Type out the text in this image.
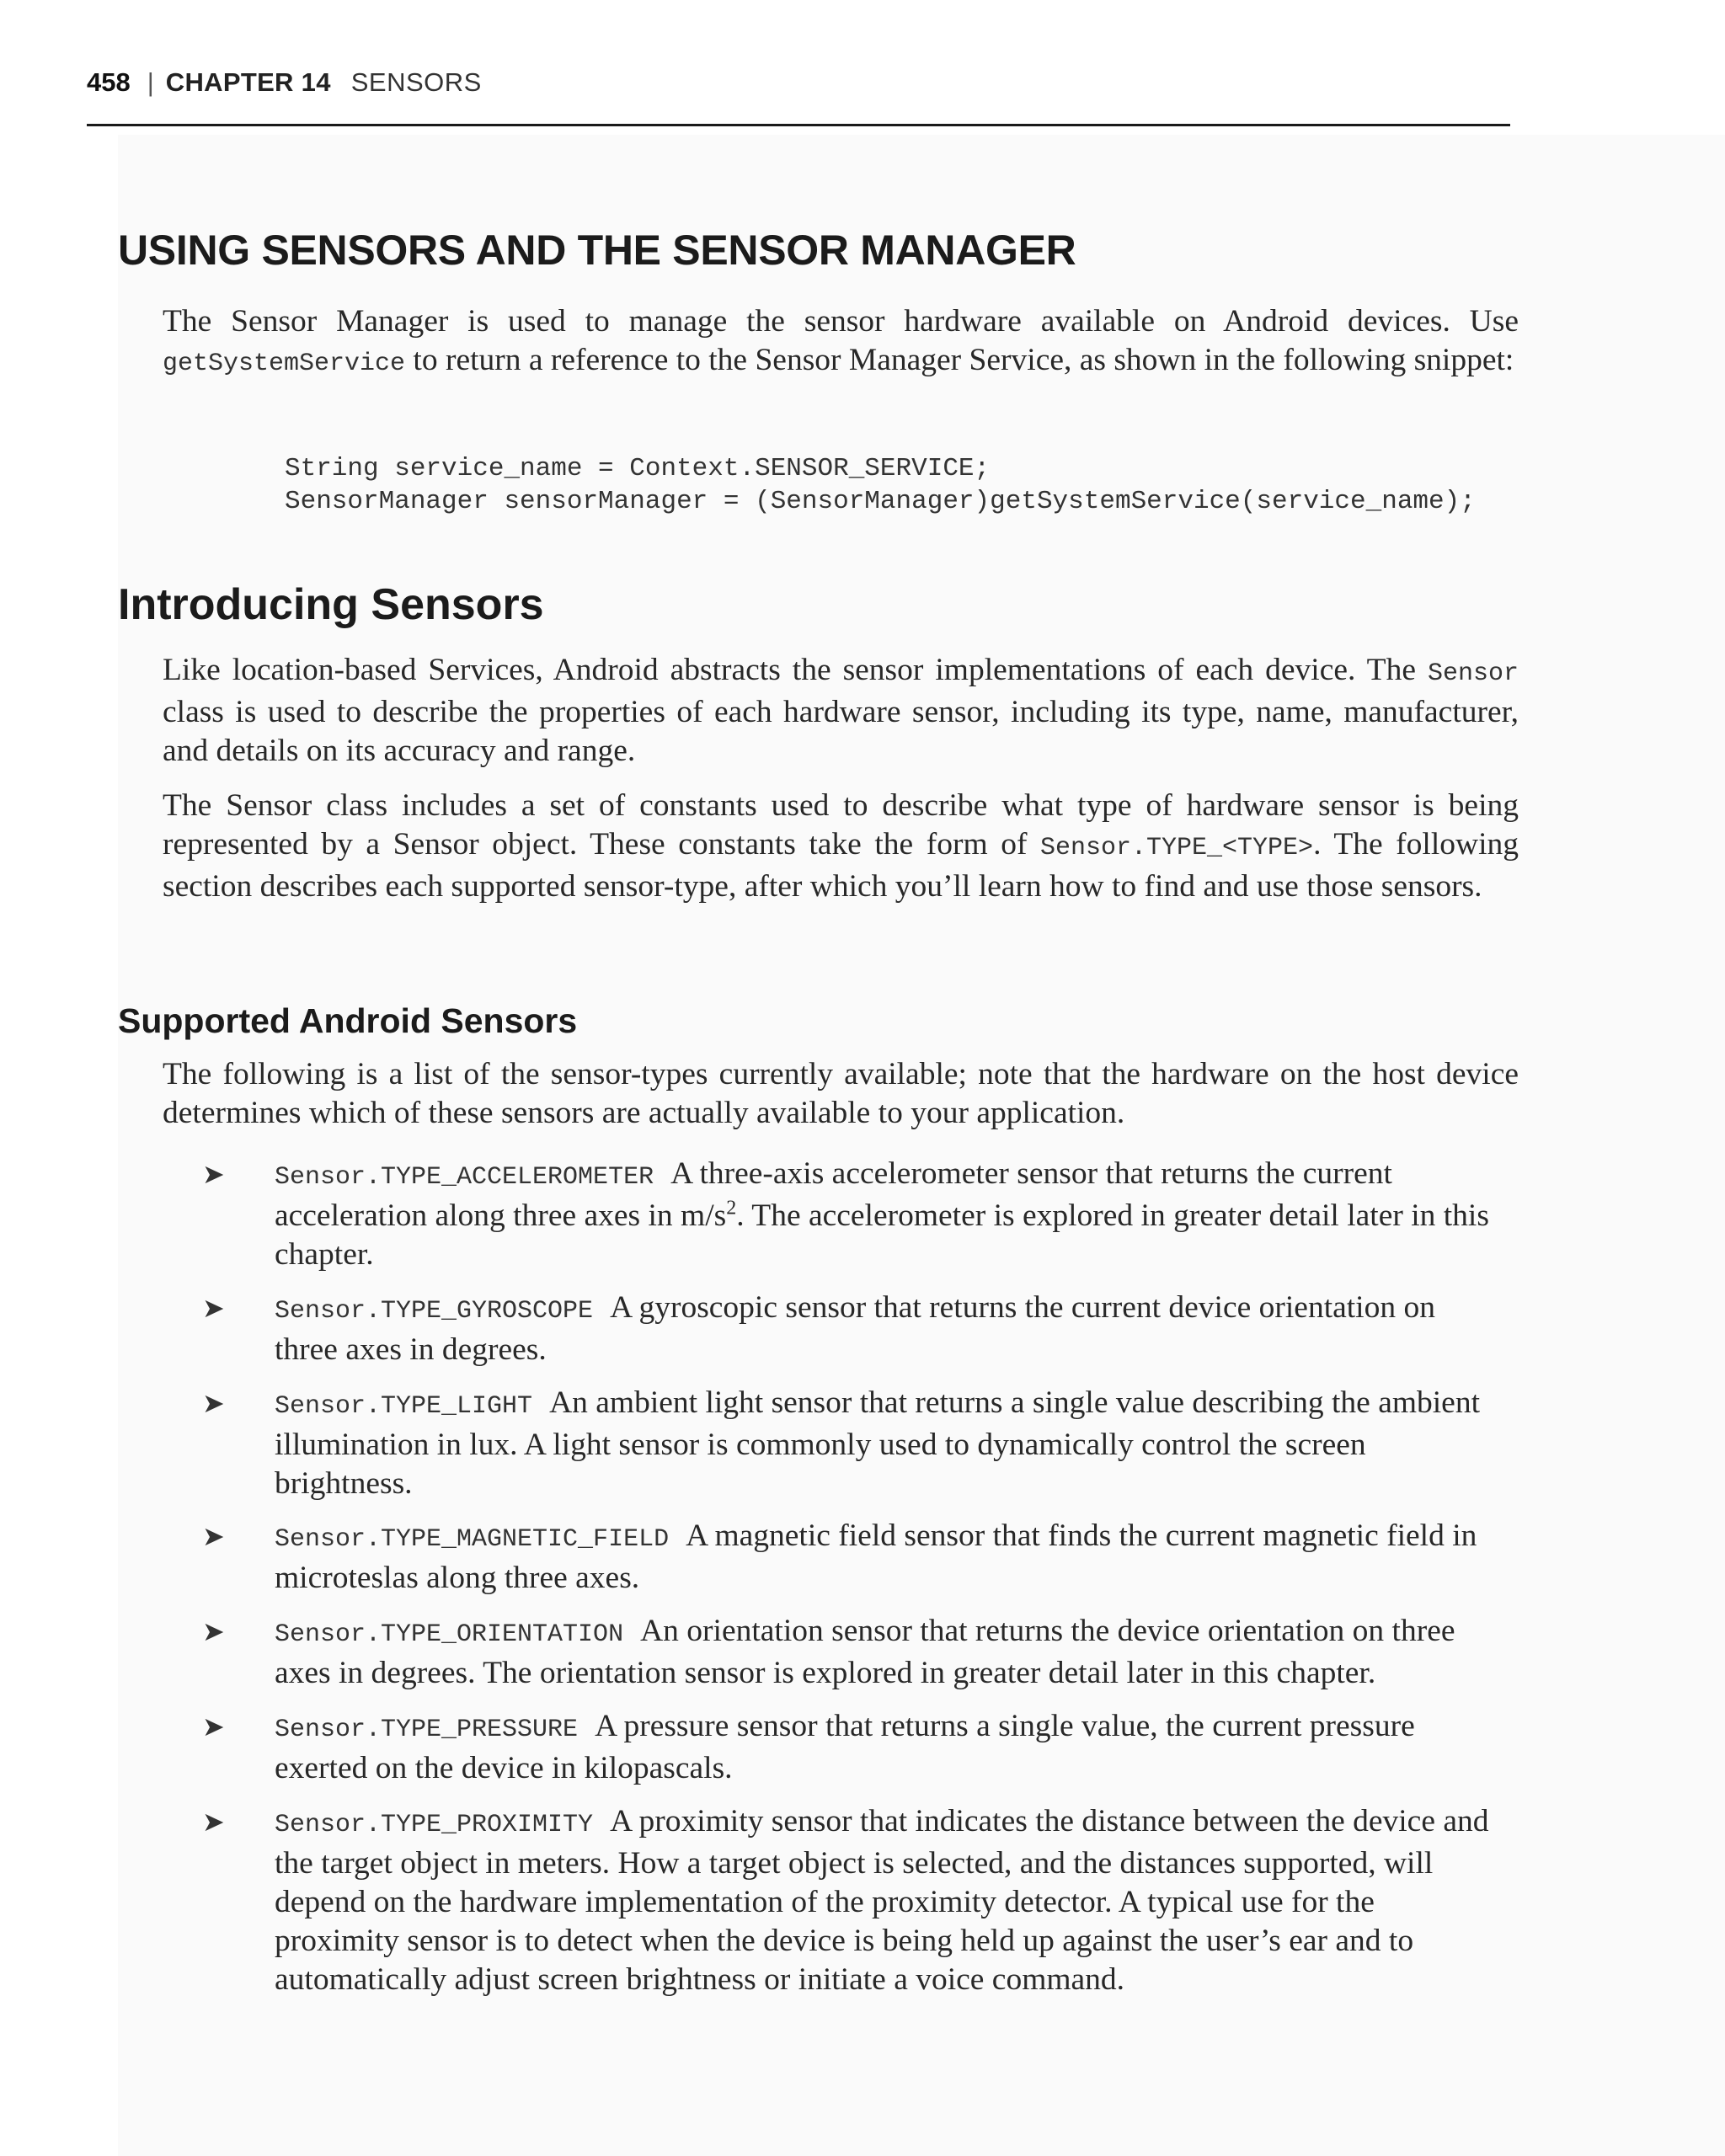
458 | CHAPTER 14 SENSORS
USING SENSORS AND THE SENSOR MANAGER

The Sensor Manager is used to manage the sensor hardware available on Android devices. Use getSystemService to return a reference to the Sensor Manager Service, as shown in the following snippet:

String service_name = Context.SENSOR_SERVICE;
SensorManager sensorManager = (SensorManager)getSystemService(service_name);
Introducing Sensors

Like location-based Services, Android abstracts the sensor implementations of each device. The Sensor class is used to describe the properties of each hardware sensor, including its type, name, manufacturer, and details on its accuracy and range.

The Sensor class includes a set of constants used to describe what type of hardware sensor is being represented by a Sensor object. These constants take the form of Sensor.TYPE_<TYPE>. The following section describes each supported sensor-type, after which you’ll learn how to find and use those sensors.

Supported Android Sensors

The following is a list of the sensor-types currently available; note that the hardware on the host device determines which of these sensors are actually available to your application.

➤ Sensor.TYPE_ACCELEROMETER A three-axis accelerometer sensor that returns the current acceleration along three axes in $m/s^2$. The accelerometer is explored in greater detail later in this chapter.

➤ Sensor.TYPE_GYROSCOPE A gyroscopic sensor that returns the current device orientation on three axes in degrees.

➤ Sensor.TYPE_LIGHT An ambient light sensor that returns a single value describing the ambient illumination in lux. A light sensor is commonly used to dynamically control the screen brightness.

➤ Sensor.TYPE_MAGNETIC_FIELD A magnetic field sensor that finds the current magnetic field in microteslas along three axes.

➤ Sensor.TYPE_ORIENTATION An orientation sensor that returns the device orientation on three axes in degrees. The orientation sensor is explored in greater detail later in this chapter.

➤ Sensor.TYPE_PRESSURE A pressure sensor that returns a single value, the current pressure exerted on the device in kilopascals.

➤ Sensor.TYPE_PROXIMITY A proximity sensor that indicates the distance between the device and the target object in meters. How a target object is selected, and the distances supported, will depend on the hardware implementation of the proximity detector. A typical use for the proximity sensor is to detect when the device is being held up against the user’s ear and to automatically adjust screen brightness or initiate a voice command.
